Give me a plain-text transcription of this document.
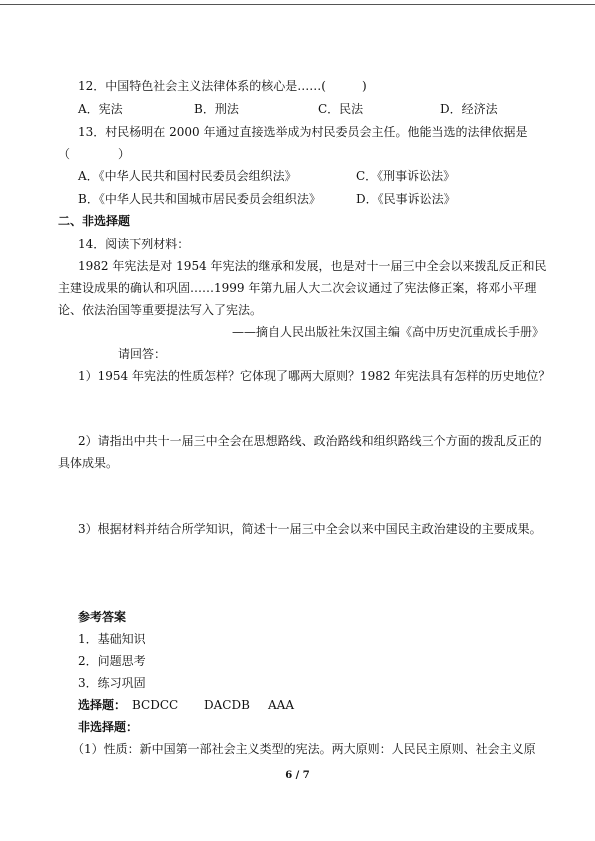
12．中国特色社会主义法律体系的核心是……(　　　)
A．宪法	B．刑法	C．民法	D．经济法
13．村民杨明在 2000 年通过直接选举成为村民委员会主任。他能当选的法律依据是
（　　　　）
A．《中华人民共和国村民委员会组织法》	C．《刑事诉讼法》
B．《中华人民共和国城市居民委员会组织法》	D．《民事诉讼法》
二、非选择题
14．阅读下列材料：
1982 年宪法是对 1954 年宪法的继承和发展，也是对十一届三中全会以来拨乱反正和民
主建设成果的确认和巩固……1999 年第九届人大二次会议通过了宪法修正案，将邓小平理
论、依法治国等重要提法写入了宪法。
——摘自人民出版社朱汉国主编《高中历史沉重成长手册》
请回答：
1）1954 年宪法的性质怎样？它体现了哪两大原则？1982 年宪法具有怎样的历史地位？
2）请指出中共十一届三中全会在思想路线、政治路线和组织路线三个方面的拨乱反正的
具体成果。
3）根据材料并结合所学知识，简述十一届三中全会以来中国民主政治建设的主要成果。
参考答案
1．基础知识
2．问题思考
3．练习巩固
选择题： BCDCC DACDB AAA
非选择题：
（1）性质：新中国第一部社会主义类型的宪法。两大原则：人民民主原则、社会主义原
6 / 7
